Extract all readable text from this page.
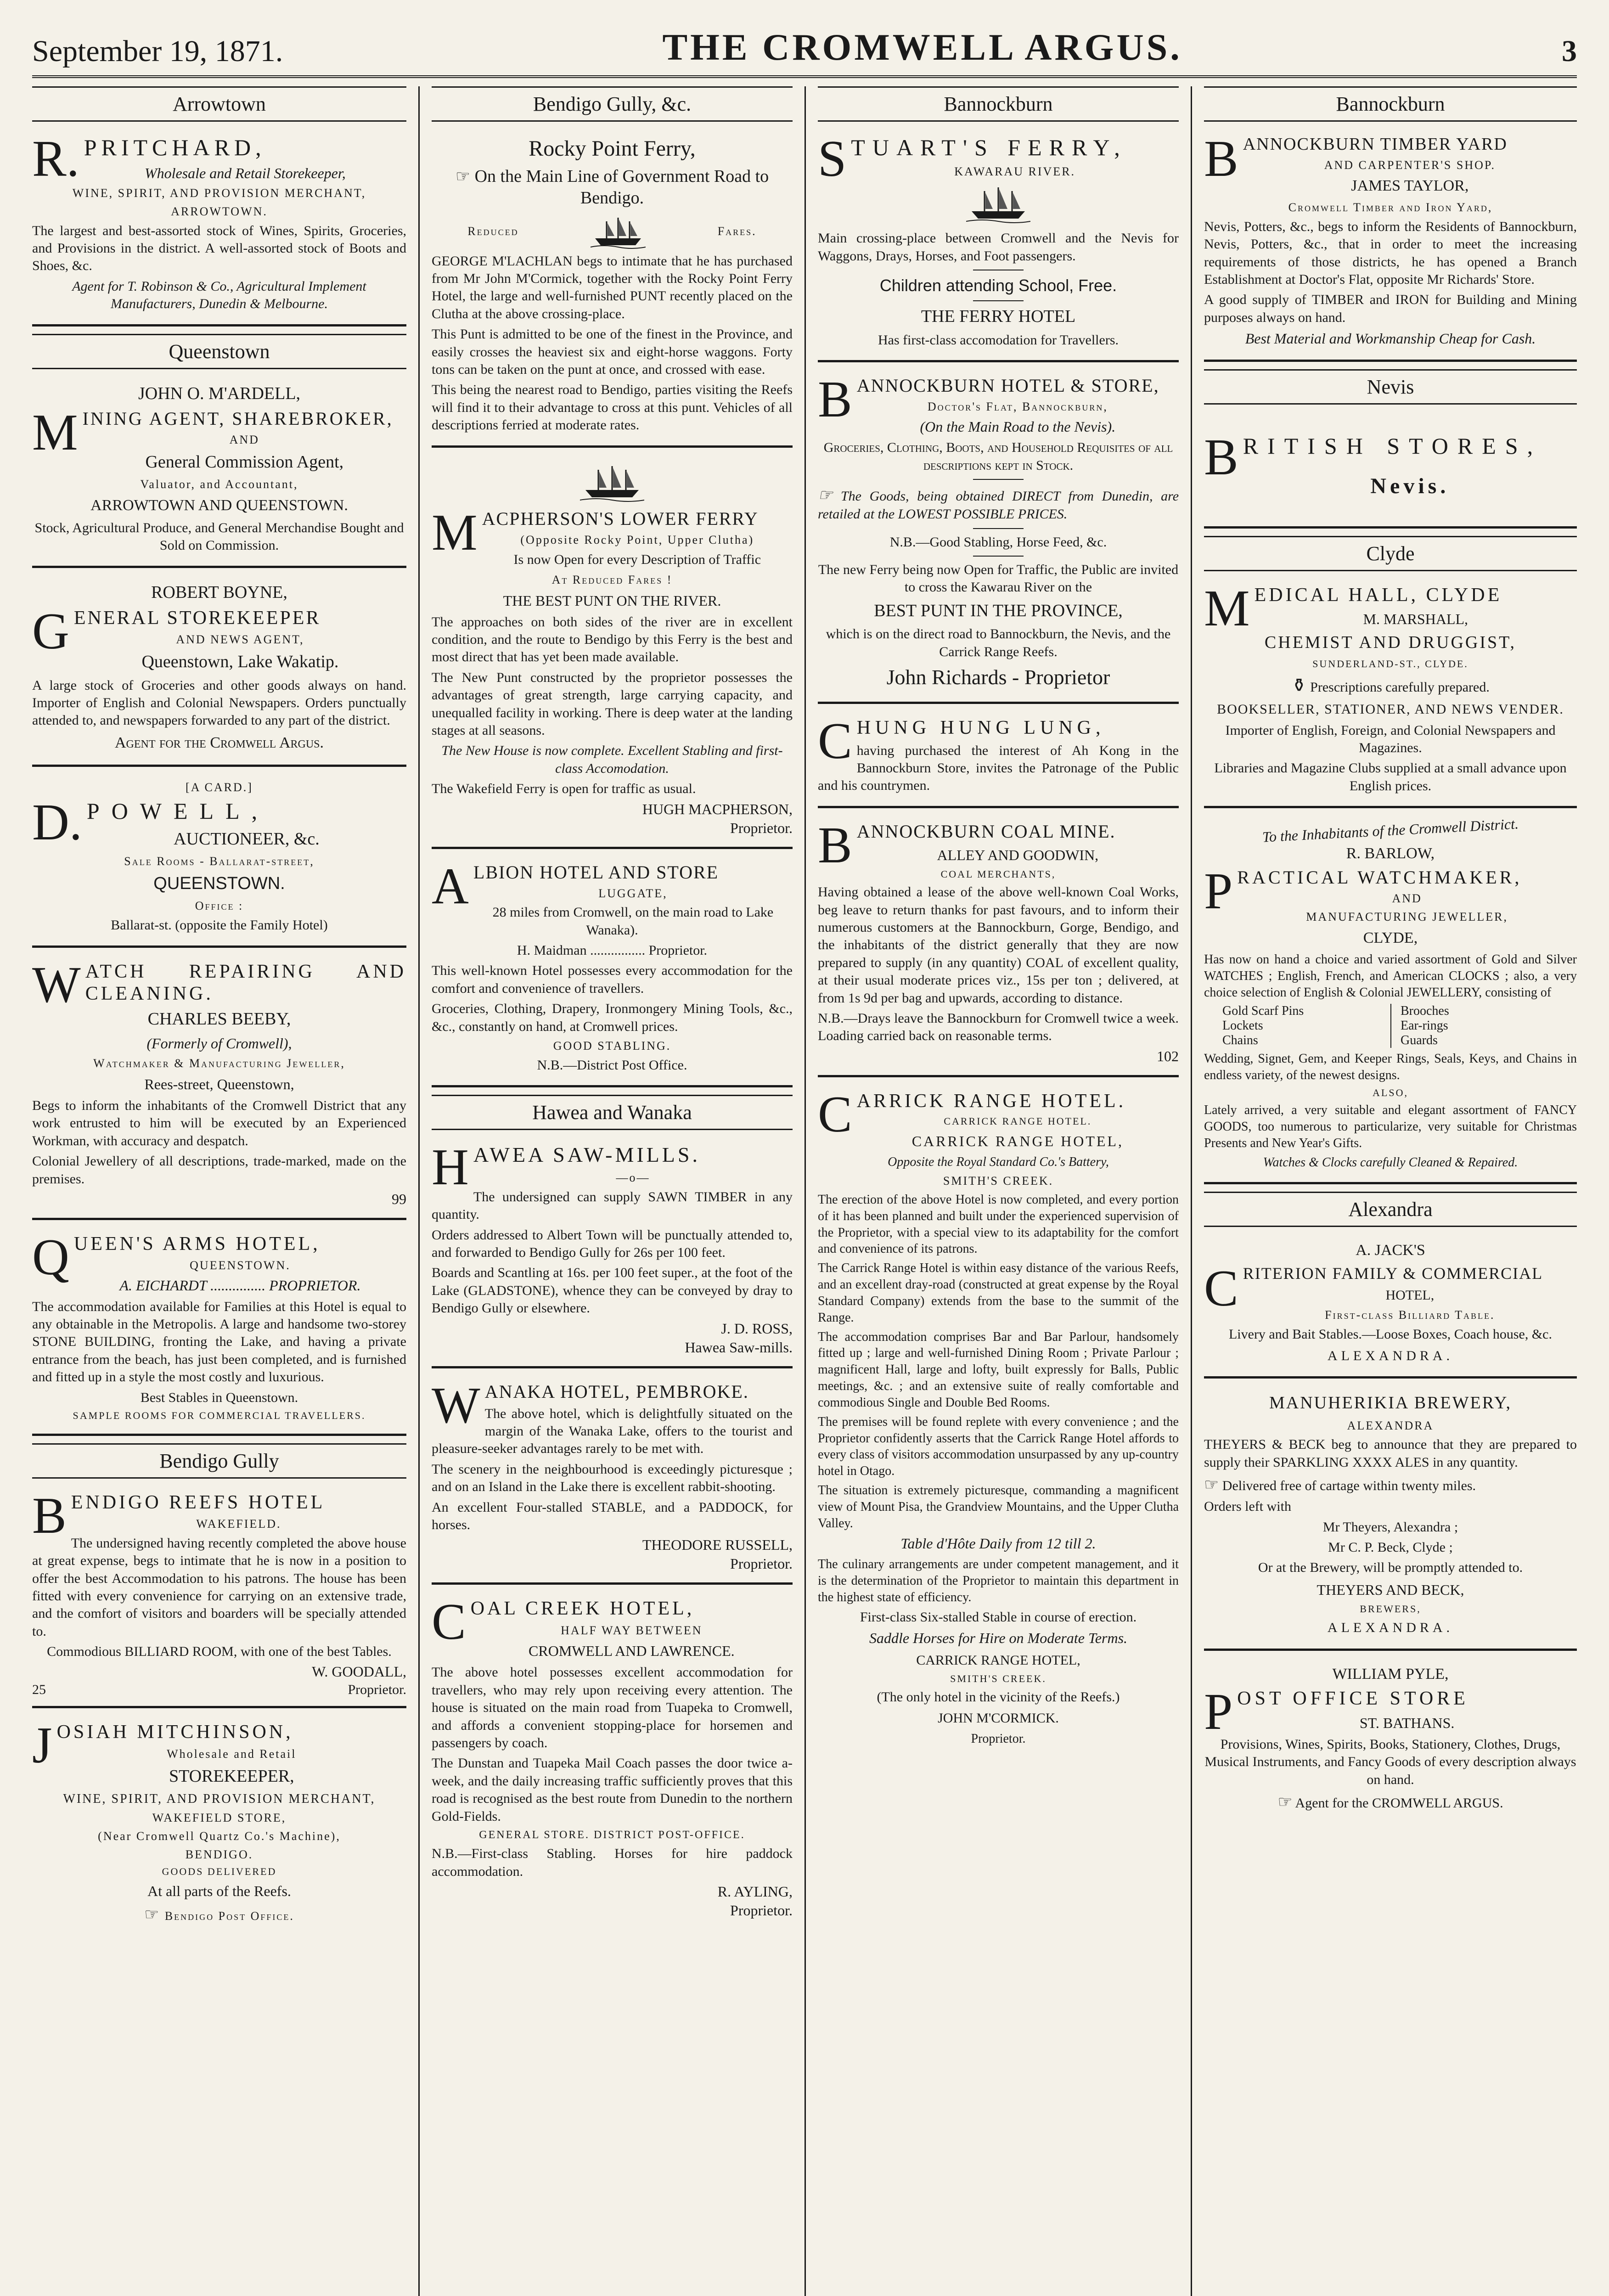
September 19, 1871.	THE CROMWELL ARGUS.	3
Arrowtown
R.PRITCHARD,
Wholesale and Retail Storekeeper,
WINE, SPIRIT, AND PROVISION MERCHANT,
ARROWTOWN.

The largest and best-assorted stock of Wines, Spirits, Groceries, and Provisions in the district. A well-assorted stock of Boots and Shoes, &c.

Agent for T. Robinson & Co., Agricultural Implement Manufacturers, Dunedin & Melbourne.

Queenstown
JOHN O. M'ARDELL,
MINING AGENT, SHAREBROKER,
AND
General Commission Agent,
Valuator, and Accountant,
ARROWTOWN AND QUEENSTOWN.

Stock, Agricultural Produce, and General Merchandise Bought and Sold on Commission.

ROBERT BOYNE,
GENERAL STOREKEEPER
AND NEWS AGENT,
Queenstown, Lake Wakatip.

A large stock of Groceries and other goods always on hand. Importer of English and Colonial Newspapers. Orders punctually attended to, and newspapers forwarded to any part of the district.

Agent for the Cromwell Argus.
[A CARD.]
D.POWELL,
AUCTIONEER, &c.
Sale Rooms - Ballarat-street,
QUEENSTOWN.
Office :

Ballarat-st. (opposite the Family Hotel)

WATCH REPAIRING AND CLEANING.
CHARLES BEEBY,
(Formerly of Cromwell),
Watchmaker & Manufacturing Jeweller,
Rees-street, Queenstown,

Begs to inform the inhabitants of the Cromwell District that any work entrusted to him will be executed by an Experienced Workman, with accuracy and despatch.

Colonial Jewellery of all descriptions, trade-marked, made on the premises.

99
QUEEN'S ARMS HOTEL,
QUEENSTOWN.
A. EICHARDT ............... PROPRIETOR.

The accommodation available for Families at this Hotel is equal to any obtainable in the Metropolis. A large and handsome two-storey STONE BUILDING, fronting the Lake, and having a private entrance from the beach, has just been completed, and is furnished and fitted up in a style the most costly and luxurious.

Best Stables in Queenstown.

SAMPLE ROOMS FOR COMMERCIAL TRAVELLERS.
Bendigo Gully
BENDIGO REEFS HOTEL
WAKEFIELD.

The undersigned having recently completed the above house at great expense, begs to intimate that he is now in a position to offer the best Accommodation to his patrons. The house has been fitted with every convenience for carrying on an extensive trade, and the comfort of visitors and boarders will be specially attended to.

Commodious BILLIARD ROOM, with one of the best Tables.

W. GOODALL,
25	Proprietor.
JOSIAH MITCHINSON,
Wholesale and Retail
STOREKEEPER,
WINE, SPIRIT, AND PROVISION MERCHANT,
WAKEFIELD STORE,
(Near Cromwell Quartz Co.'s Machine),
BENDIGO.
GOODS DELIVERED
At all parts of the Reefs.
☞ Bendigo Post Office.
Bendigo Gully, &c.
Rocky Point Ferry,
☞ On the Main Line of Government Road to Bendigo.
Reduced	Fares.

GEORGE M'LACHLAN begs to intimate that he has purchased from Mr John M'Cormick, together with the Rocky Point Ferry Hotel, the large and well-furnished PUNT recently placed on the Clutha at the above crossing-place.

This Punt is admitted to be one of the finest in the Province, and easily crosses the heaviest six and eight-horse waggons. Forty tons can be taken on the punt at once, and crossed with ease.

This being the nearest road to Bendigo, parties visiting the Reefs will find it to their advantage to cross at this punt. Vehicles of all descriptions ferried at moderate rates.

MACPHERSON'S LOWER FERRY
(Opposite Rocky Point, Upper Clutha)
Is now Open for every Description of Traffic
At Reduced Fares !
THE BEST PUNT ON THE RIVER.

The approaches on both sides of the river are in excellent condition, and the route to Bendigo by this Ferry is the best and most direct that has yet been made available.

The New Punt constructed by the proprietor possesses the advantages of great strength, large carrying capacity, and unequalled facility in working. There is deep water at the landing stages at all seasons.

The New House is now complete. Excellent Stabling and first-class Accomodation.

The Wakefield Ferry is open for traffic as usual.

HUGH MACPHERSON,
Proprietor.
ALBION HOTEL AND STORE
LUGGATE,

28 miles from Cromwell, on the main road to Lake Wanaka).

H. Maidman ................ Proprietor.

This well-known Hotel possesses every accommodation for the comfort and convenience of travellers.

Groceries, Clothing, Drapery, Ironmongery Mining Tools, &c., &c., constantly on hand, at Cromwell prices.

GOOD STABLING.

N.B.—District Post Office.

Hawea and Wanaka
HAWEA SAW-MILLS.
—o—

The undersigned can supply SAWN TIMBER in any quantity.

Orders addressed to Albert Town will be punctually attended to, and forwarded to Bendigo Gully for 26s per 100 feet.

Boards and Scantling at 16s. per 100 feet super., at the foot of the Lake (GLADSTONE), whence they can be conveyed by dray to Bendigo Gully or elsewhere.

J. D. ROSS,
Hawea Saw-mills.
WANAKA HOTEL, PEMBROKE.

The above hotel, which is delightfully situated on the margin of the Wanaka Lake, offers to the tourist and pleasure-seeker advantages rarely to be met with.

The scenery in the neighbourhood is exceedingly picturesque ; and on an Island in the Lake there is excellent rabbit-shooting.

An excellent Four-stalled STABLE, and a PADDOCK, for horses.

THEODORE RUSSELL,
Proprietor.
COAL CREEK HOTEL,
HALF WAY BETWEEN
CROMWELL AND LAWRENCE.

The above hotel possesses excellent accommodation for travellers, who may rely upon receiving every attention. The house is situated on the main road from Tuapeka to Cromwell, and affords a convenient stopping-place for horsemen and passengers by coach.

The Dunstan and Tuapeka Mail Coach passes the door twice a-week, and the daily increasing traffic sufficiently proves that this road is recognised as the best route from Dunedin to the northern Gold-Fields.

GENERAL STORE. DISTRICT POST-OFFICE.

N.B.—First-class Stabling. Horses for hire paddock accommodation.

R. AYLING,
Proprietor.
Bannockburn
STUART'S FERRY,
KAWARAU RIVER.

Main crossing-place between Cromwell and the Nevis for Waggons, Drays, Horses, and Foot passengers.

Children attending School, Free.
THE FERRY HOTEL

Has first-class accomodation for Travellers.

BANNOCKBURN HOTEL & STORE,
Doctor's Flat, Bannockburn,
(On the Main Road to the Nevis).

Groceries, Clothing, Boots, and Household Requisites of all descriptions kept in Stock.

☞ The Goods, being obtained DIRECT from Dunedin, are retailed at the LOWEST POSSIBLE PRICES.

N.B.—Good Stabling, Horse Feed, &c.

The new Ferry being now Open for Traffic, the Public are invited to cross the Kawarau River on the

BEST PUNT IN THE PROVINCE,

which is on the direct road to Bannockburn, the Nevis, and the Carrick Range Reefs.

John Richards - Proprietor
CHUNG HUNG LUNG,

having purchased the interest of Ah Kong in the Bannockburn Store, invites the Patronage of the Public and his countrymen.

BANNOCKBURN COAL MINE.
ALLEY AND GOODWIN,
COAL MERCHANTS,

Having obtained a lease of the above well-known Coal Works, beg leave to return thanks for past favours, and to inform their numerous customers at the Bannockburn, Gorge, Bendigo, and the inhabitants of the district generally that they are now prepared to supply (in any quantity) COAL of excellent quality, at their usual moderate prices viz., 15s per ton ; delivered, at from 1s 9d per bag and upwards, according to distance.

N.B.—Drays leave the Bannockburn for Cromwell twice a week. Loading carried back on reasonable terms.

102
CARRICK RANGE HOTEL.
CARRICK RANGE HOTEL.
CARRICK RANGE HOTEL,
Opposite the Royal Standard Co.'s Battery,
SMITH'S CREEK.

The erection of the above Hotel is now completed, and every portion of it has been planned and built under the experienced supervision of the Proprietor, with a special view to its adaptability for the comfort and convenience of its patrons.

The Carrick Range Hotel is within easy distance of the various Reefs, and an excellent dray-road (constructed at great expense by the Royal Standard Company) extends from the base to the summit of the Range.

The accommodation comprises Bar and Bar Parlour, handsomely fitted up ; large and well-furnished Dining Room ; Private Parlour ; magnificent Hall, large and lofty, built expressly for Balls, Public meetings, &c. ; and an extensive suite of really comfortable and commodious Single and Double Bed Rooms.

The premises will be found replete with every convenience ; and the Proprietor confidently asserts that the Carrick Range Hotel affords to every class of visitors accommodation unsurpassed by any up-country hotel in Otago.

The situation is extremely picturesque, commanding a magnificent view of Mount Pisa, the Grandview Mountains, and the Upper Clutha Valley.

Table d'Hôte Daily from 12 till 2.

The culinary arrangements are under competent management, and it is the determination of the Proprietor to maintain this department in the highest state of efficiency.

First-class Six-stalled Stable in course of erection.

Saddle Horses for Hire on Moderate Terms.
CARRICK RANGE HOTEL,
SMITH'S CREEK.

(The only hotel in the vicinity of the Reefs.)

JOHN M'CORMICK.
Proprietor.
Bannockburn
BANNOCKBURN TIMBER YARD
AND CARPENTER'S SHOP.
JAMES TAYLOR,
Cromwell Timber and Iron Yard,

Nevis, Potters, &c., begs to inform the Residents of Bannockburn, Nevis, Potters, &c., that in order to meet the increasing requirements of those districts, he has opened a Branch Establishment at Doctor's Flat, opposite Mr Richards' Store.

A good supply of TIMBER and IRON for Building and Mining purposes always on hand.

Best Material and Workmanship Cheap for Cash.
Nevis
BRITISH STORES,
Nevis.
Clyde
MEDICAL HALL, CLYDE
M. MARSHALL,
CHEMIST AND DRUGGIST,
SUNDERLAND-ST., CLYDE.
⚱ Prescriptions carefully prepared.
BOOKSELLER, STATIONER, AND NEWS VENDER.

Importer of English, Foreign, and Colonial Newspapers and Magazines.

Libraries and Magazine Clubs supplied at a small advance upon English prices.

To the Inhabitants of the Cromwell District.
R. BARLOW,
PRACTICAL WATCHMAKER,
AND
MANUFACTURING JEWELLER,
CLYDE,

Has now on hand a choice and varied assortment of Gold and Silver WATCHES ; English, French, and American CLOCKS ; also, a very choice selection of English & Colonial JEWELLERY, consisting of

Gold Scarf Pins	Brooches
Lockets	Ear-rings
Chains	Guards

Wedding, Signet, Gem, and Keeper Rings, Seals, Keys, and Chains in endless variety, of the newest designs.

ALSO,

Lately arrived, a very suitable and elegant assortment of FANCY GOODS, too numerous to particularize, very suitable for Christmas Presents and New Year's Gifts.

Watches & Clocks carefully Cleaned & Repaired.
Alexandra
A. JACK'S
CRITERION FAMILY & COMMERCIAL
HOTEL,
First-class Billiard Table.

Livery and Bait Stables.—Loose Boxes, Coach house, &c.

ALEXANDRA.
MANUHERIKIA BREWERY,
ALEXANDRA

THEYERS & BECK beg to announce that they are prepared to supply their SPARKLING XXXX ALES in any quantity.

☞ Delivered free of cartage within twenty miles.

Orders left with

Mr Theyers, Alexandra ;

Mr C. P. Beck, Clyde ;

Or at the Brewery, will be promptly attended to.

THEYERS AND BECK,
BREWERS,
ALEXANDRA.
WILLIAM PYLE,
POST OFFICE STORE
ST. BATHANS.

Provisions, Wines, Spirits, Books, Stationery, Clothes, Drugs, Musical Instruments, and Fancy Goods of every description always on hand.

☞ Agent for the CROMWELL ARGUS.
